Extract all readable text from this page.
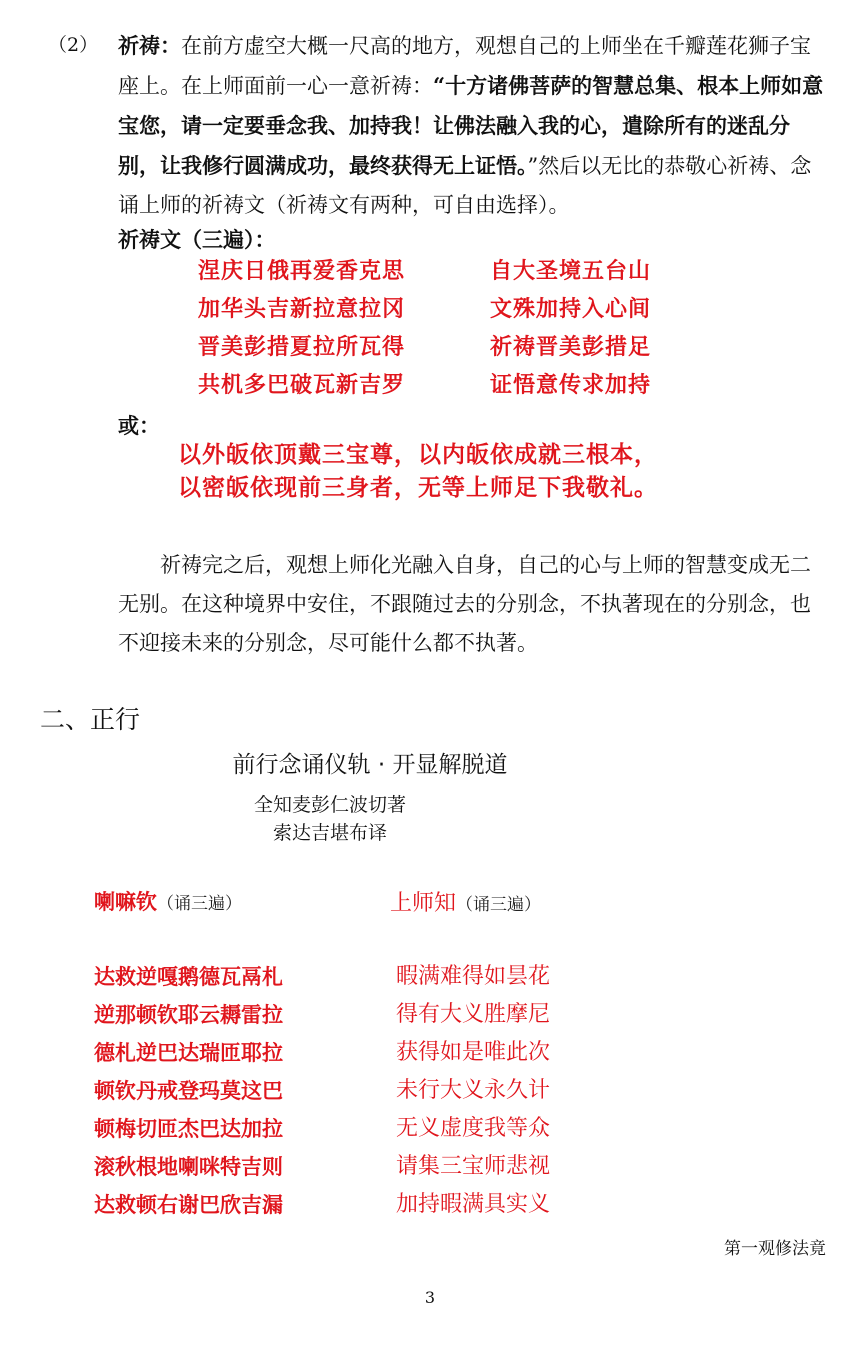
（2） 祈祷：在前方虚空大概一尺高的地方，观想自己的上师坐在千瓣莲花狮子宝座上。在上师面前一心一意祈祷：“十方诸佛菩萨的智慧总集、根本上师如意宝您，请一定要垂念我、加持我！让佛法融入我的心，遣除所有的迷乱分别，让我修行圆满成功，最终获得无上证悟。”然后以无比的恭敬心祈祷、念诵上师的祈祷文（祈祷文有两种，可自由选择）。
祈祷文（三遍）：
涅庆日俄再爱香克思
加华头吉新拉意拉冈
晋美彭措夏拉所瓦得
共机多巴破瓦新吉罗
自大圣境五台山
文殊加持入心间
祈祷晋美彭措足
证悟意传求加持
或：
以外皈依顶戴三宝尊，以内皈依成就三根本，
以密皈依现前三身者，无等上师足下我敬礼。
祈祷完之后，观想上师化光融入自身，自己的心与上师的智慧变成无二无别。在这种境界中安住，不跟随过去的分别念，不执著现在的分别念，也不迎接未来的分别念，尽可能什么都不执著。
二、正行
前行念诵仪轨 · 开显解脱道
全知麦彭仁波切著
索达吉堪布译
喇嘛钦（诵三遍）	上师知（诵三遍）
达救逆嘎鹅德瓦鬲札
逆那顿钦耶云耨雷拉
德札逆巴达瑞匝耶拉
顿钦丹戒登玛莫这巴
顿梅切匝杰巴达加拉
滚秋根地喇咪特吉则
达救顿右谢巴欣吉漏
暇满难得如昙花
得有大义胜摩尼
获得如是唯此次
未行大义永久计
无义虚度我等众
请集三宝师悲视
加持暇满具实义
第一观修法竟
3
